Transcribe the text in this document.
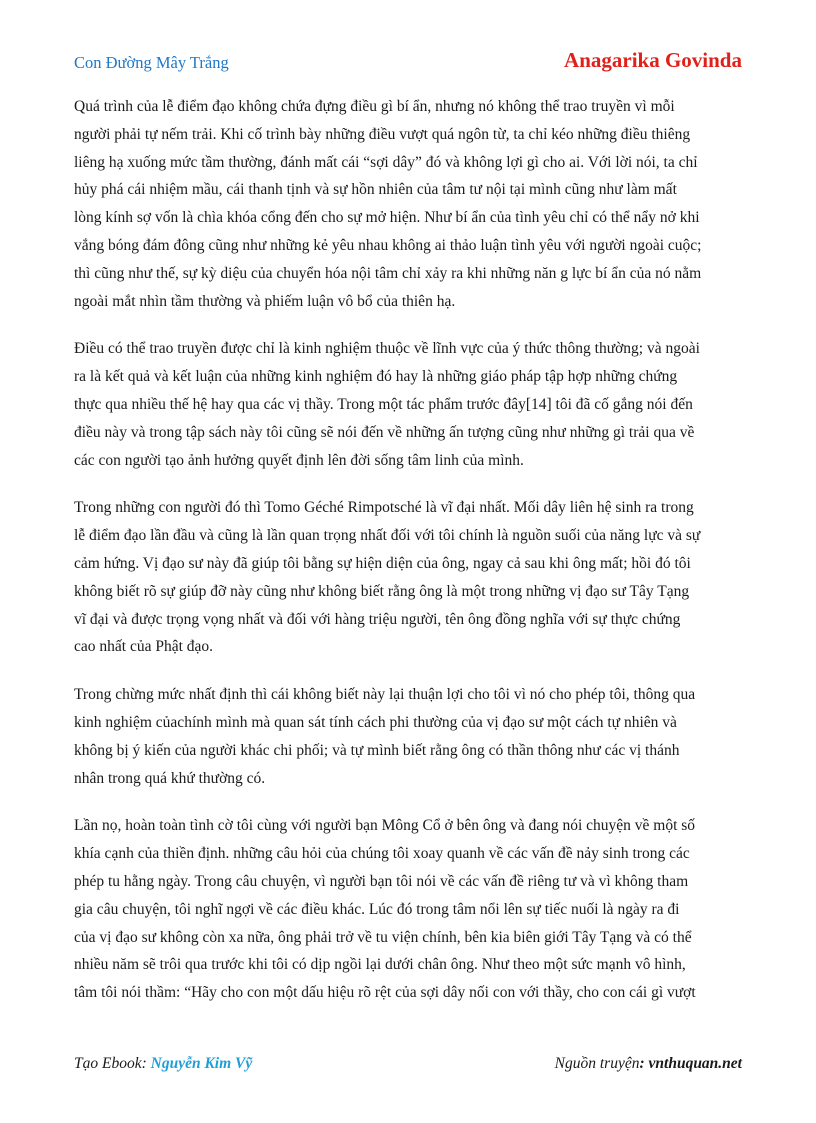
Con Đường Mây Trắng	Anagarika Govinda

Quá trình của lễ điểm đạo không chứa đựng điều gì bí ẩn, nhưng nó không thể trao truyền vì mỗi
người phải tự nếm trải. Khi cố trình bày những điều vượt quá ngôn từ, ta chỉ kéo những điều thiêng
liêng hạ xuống mức tầm thường, đánh mất cái “sợi dây” đó và không lợi gì cho ai. Với lời nói, ta chỉ
hủy phá cái nhiệm mầu, cái thanh tịnh và sự hồn nhiên của tâm tư nội tại mình cũng như làm mất
lòng kính sợ vốn là chìa khóa cổng đến cho sự mở hiện. Như bí ẩn của tình yêu chỉ có thể nẩy nở khi
vắng bóng đám đông cũng như những kẻ yêu nhau không ai thảo luận tình yêu với người ngoài cuộc;
thì cũng như thế, sự kỳ diệu của chuyển hóa nội tâm chỉ xảy ra khi những năn g lực bí ẩn của nó nằm
ngoài mắt nhìn tầm thường và phiếm luận vô bổ của thiên hạ.

Điều có thể trao truyền được chỉ là kinh nghiệm thuộc về lĩnh vực của ý thức thông thường; và ngoài
ra là kết quả và kết luận của những kinh nghiệm đó hay là những giáo pháp tập hợp những chứng
thực qua nhiều thế hệ hay qua các vị thầy. Trong một tác phẩm trước đây[14] tôi đã cố gắng nói đến
điều này và trong tập sách này tôi cũng sẽ nói đến về những ấn tượng cũng như những gì trải qua về
các con người tạo ảnh hưởng quyết định lên đời sống tâm linh của mình.

Trong những con người đó thì Tomo Géché Rimpotsché là vĩ đại nhất. Mối dây liên hệ sinh ra trong
lễ điểm đạo lần đầu và cũng là lần quan trọng nhất đối với tôi chính là nguồn suối của năng lực và sự
cảm hứng. Vị đạo sư này đã giúp tôi bằng sự hiện diện của ông, ngay cả sau khi ông mất; hồi đó tôi
không biết rõ sự giúp đỡ này cũng như không biết rằng ông là một trong những vị đạo sư Tây Tạng
vĩ đại và được trọng vọng nhất và đối với hàng triệu người, tên ông đồng nghĩa với sự thực chứng
cao nhất của Phật đạo.

Trong chừng mức nhất định thì cái không biết này lại thuận lợi cho tôi vì nó cho phép tôi, thông qua
kinh nghiệm củachính mình mà quan sát tính cách phi thường của vị đạo sư một cách tự nhiên và
không bị ý kiến của người khác chi phối; và tự mình biết rằng ông có thần thông như các vị thánh
nhân trong quá khứ thường có.

Lần nọ, hoàn toàn tình cờ tôi cùng với người bạn Mông Cổ ở bên ông và đang nói chuyện về một số
khía cạnh của thiền định. những câu hỏi của chúng tôi xoay quanh về các vấn đề nảy sinh trong các
phép tu hằng ngày. Trong câu chuyện, vì người bạn tôi nói về các vấn đề riêng tư và vì không tham
gia câu chuyện, tôi nghĩ ngợi về các điều khác. Lúc đó trong tâm nổi lên sự tiếc nuối là ngày ra đi
của vị đạo sư không còn xa nữa, ông phải trở về tu viện chính, bên kia biên giới Tây Tạng và có thể
nhiều năm sẽ trôi qua trước khi tôi có dịp ngồi lại dưới chân ông. Như theo một sức mạnh vô hình,
tâm tôi nói thầm: “Hãy cho con một dấu hiệu rõ rệt của sợi dây nối con với thầy, cho con cái gì vượt

Tạo Ebook: Nguyễn Kim Vỹ	Nguồn truyện: vnthuquan.net
